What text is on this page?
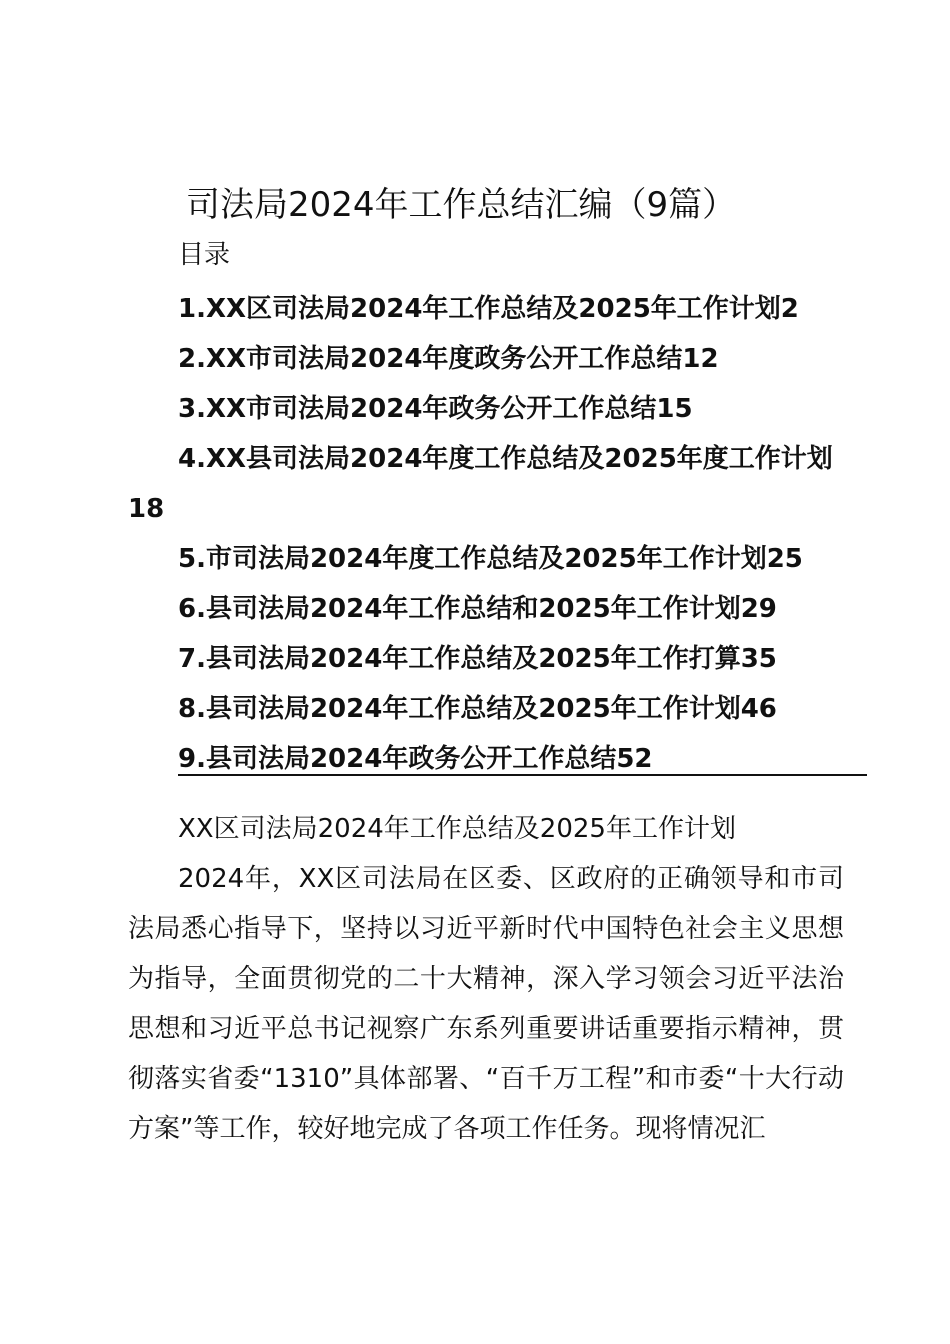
司法局2024年工作总结汇编（9篇）
目录
1.XX区司法局2024年工作总结及2025年工作计划2
2.XX市司法局2024年度政务公开工作总结12
3.XX市司法局2024年政务公开工作总结15
4.XX县司法局2024年度工作总结及2025年度工作计划18
5.市司法局2024年度工作总结及2025年工作计划25
6.县司法局2024年工作总结和2025年工作计划29
7.县司法局2024年工作总结及2025年工作打算35
8.县司法局2024年工作总结及2025年工作计划46
9.县司法局2024年政务公开工作总结52
XX区司法局2024年工作总结及2025年工作计划

2024年，XX区司法局在区委、区政府的正确领导和市司法局悉心指导下，坚持以习近平新时代中国特色社会主义思想为指导，全面贯彻党的二十大精神，深入学习领会习近平法治思想和习近平总书记视察广东系列重要讲话重要指示精神，贯彻落实省委“1310”具体部署、“百千万工程”和市委“十大行动方案”等工作，较好地完成了各项工作任务。现将情况汇
